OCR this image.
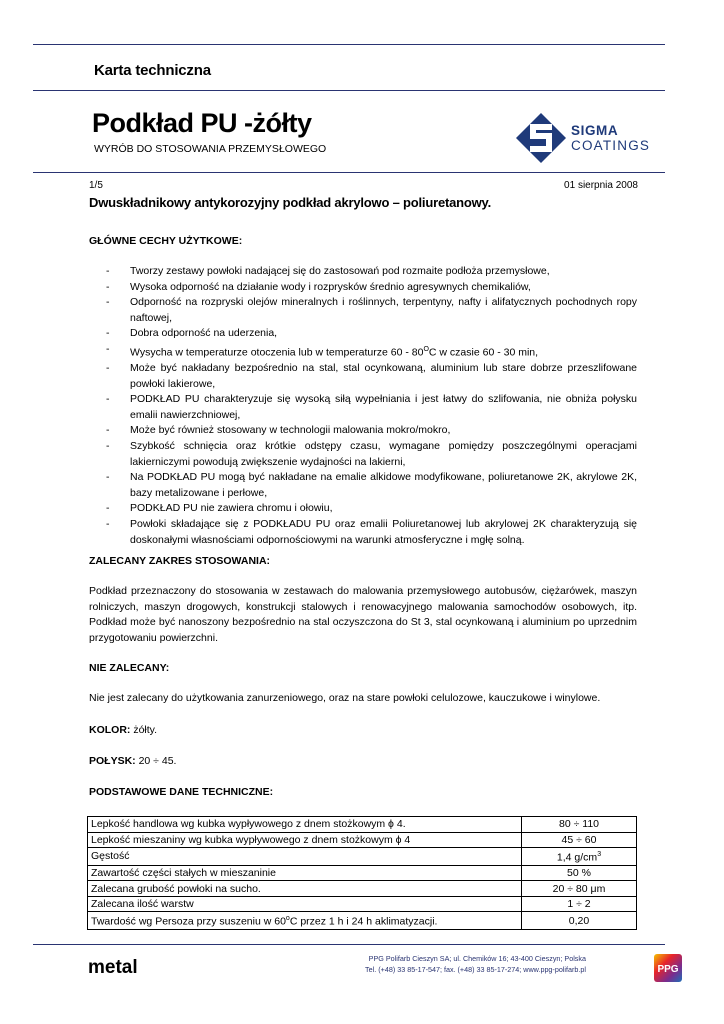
Karta techniczna
Podkład PU -żółty
WYRÓB DO STOSOWANIA PRZEMYSŁOWEGO
SIGMA
COATINGS
1/5	01 sierpnia 2008
Dwuskładnikowy antykorozyjny podkład akrylowo – poliuretanowy.
GŁÓWNE CECHY UŻYTKOWE:
- Tworzy zestawy powłoki nadającej się do zastosowań pod rozmaite podłoża przemysłowe,
- Wysoka odporność na działanie wody i rozprysków średnio agresywnych chemikaliów,
- Odporność na rozpryski olejów mineralnych i roślinnych, terpentyny, nafty i alifatycznych pochodnych ropy naftowej,
- Dobra odporność na uderzenia,
- Wysycha w temperaturze otoczenia lub w temperaturze $60 - 80^OC$ w czasie 60 - 30 min,
- Może być nakładany bezpośrednio na stal, stal ocynkowaną, aluminium lub stare dobrze przeszlifowane powłoki lakierowe,
- PODKŁAD PU charakteryzuje się wysoką siłą wypełniania i jest łatwy do szlifowania, nie obniża połysku emalii nawierzchniowej,
- Może być również stosowany w technologii malowania mokro/mokro,
- Szybkość schnięcia oraz krótkie odstępy czasu, wymagane pomiędzy poszczególnymi operacjami lakierniczymi powodują zwiększenie wydajności na lakierni,
- Na PODKŁAD PU mogą być nakładane na emalie alkidowe modyfikowane, poliuretanowe 2K, akrylowe 2K, bazy metalizowane i perłowe,
- PODKŁAD PU nie zawiera chromu i ołowiu,
- Powłoki składające się z PODKŁADU PU oraz emalii Poliuretanowej lub akrylowej 2K charakteryzują się doskonałymi własnościami odpornościowymi na warunki atmosferyczne i mgłę solną.
ZALECANY ZAKRES STOSOWANIA:
Podkład przeznaczony do stosowania w zestawach do malowania przemysłowego autobusów, ciężarówek, maszyn rolniczych, maszyn drogowych, konstrukcji stalowych i renowacyjnego malowania samochodów osobowych, itp. Podkład może być nanoszony bezpośrednio na stal oczyszczona do St 3, stal ocynkowaną i aluminium po uprzednim przygotowaniu powierzchni.
NIE ZALECANY:
Nie jest zalecany do użytkowania zanurzeniowego, oraz na stare powłoki celulozowe, kauczukowe i winylowe.
KOLOR: żółty.
POŁYSK: 20 ÷ 45.
PODSTAWOWE DANE TECHNICZNE:
Lepkość handlowa wg kubka wypływowego z dnem stożkowym ϕ 4.	80 ÷ 110
Lepkość mieszaniny wg kubka wypływowego z dnem stożkowym ϕ 4	45 ÷ 60
Gęstość	1,4 $g/cm^3$
Zawartość części stałych w mieszaninie	50 %
Zalecana grubość powłoki na sucho.	20 ÷ 80 μm
Zalecana ilość warstw	1 ÷ 2
Twardość wg Persoza przy suszeniu w 60$^o$C przez 1 h i 24 h aklimatyzacji.	0,20
metal	PPG Polifarb Cieszyn SA; ul. Chemików 16; 43-400 Cieszyn; Polska
Tel. (+48) 33 85-17-547; fax. (+48) 33 85-17-274; www.ppg-polifarb.pl	PPG
